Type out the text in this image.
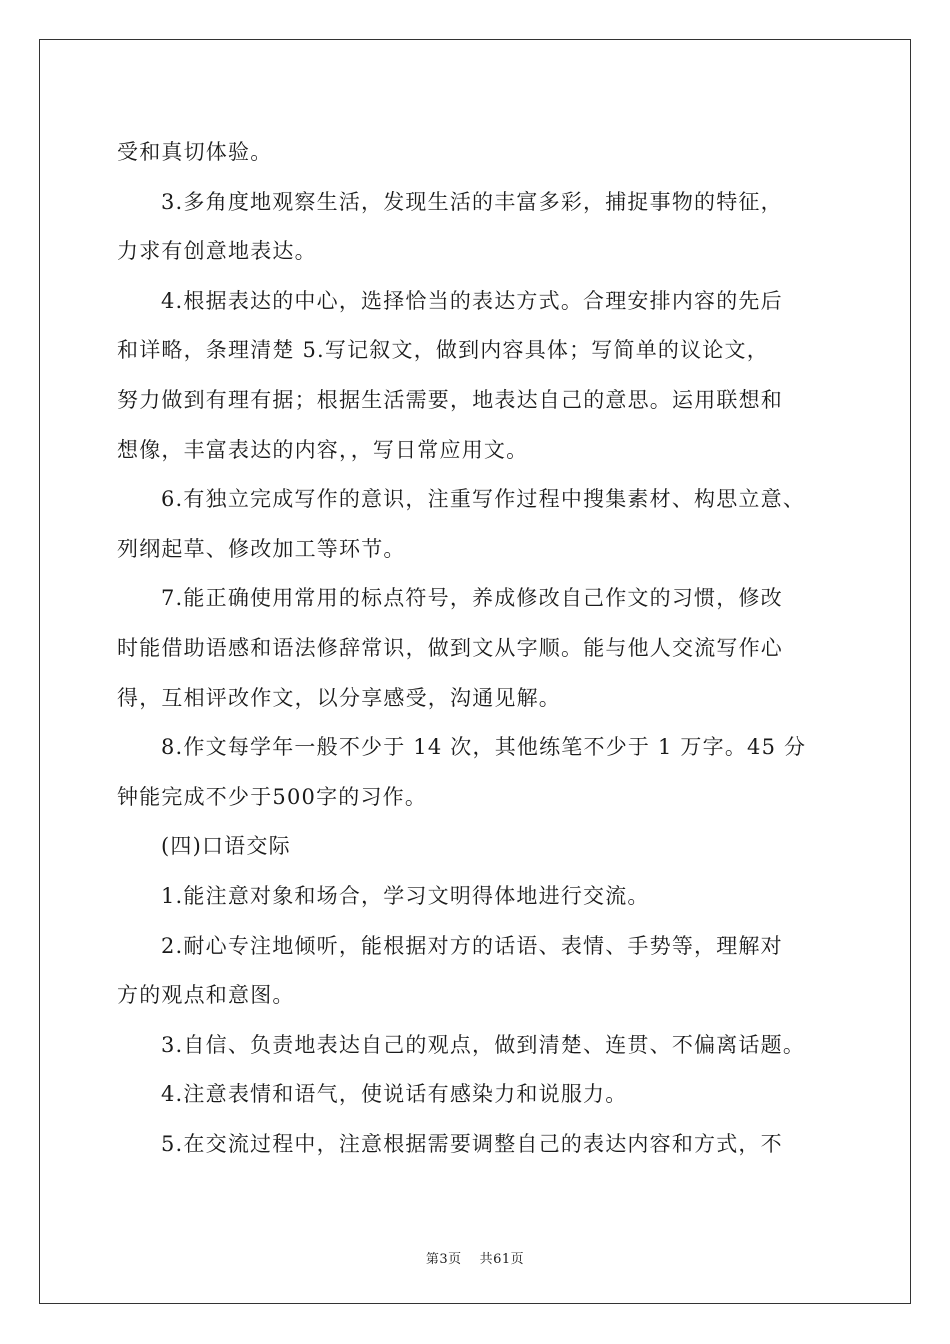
受和真切体验。

3.多角度地观察生活，发现生活的丰富多彩，捕捉事物的特征，

力求有创意地表达。

4.根据表达的中心，选择恰当的表达方式。合理安排内容的先后

和详略，条理清楚 5.写记叙文，做到内容具体；写简单的议论文，

努力做到有理有据；根据生活需要，地表达自己的意思。运用联想和

想像，丰富表达的内容，，写日常应用文。

6.有独立完成写作的意识，注重写作过程中搜集素材、构思立意、

列纲起草、修改加工等环节。

7.能正确使用常用的标点符号，养成修改自己作文的习惯，修改

时能借助语感和语法修辞常识，做到文从字顺。能与他人交流写作心

得，互相评改作文，以分享感受，沟通见解。

8.作文每学年一般不少于 14 次，其他练笔不少于 1 万字。45 分

钟能完成不少于500字的习作。

(四)口语交际

1.能注意对象和场合，学习文明得体地进行交流。

2.耐心专注地倾听，能根据对方的话语、表情、手势等，理解对

方的观点和意图。

3.自信、负责地表达自己的观点，做到清楚、连贯、不偏离话题。

4.注意表情和语气，使说话有感染力和说服力。

5.在交流过程中，注意根据需要调整自己的表达内容和方式，不

第3页 共61页
